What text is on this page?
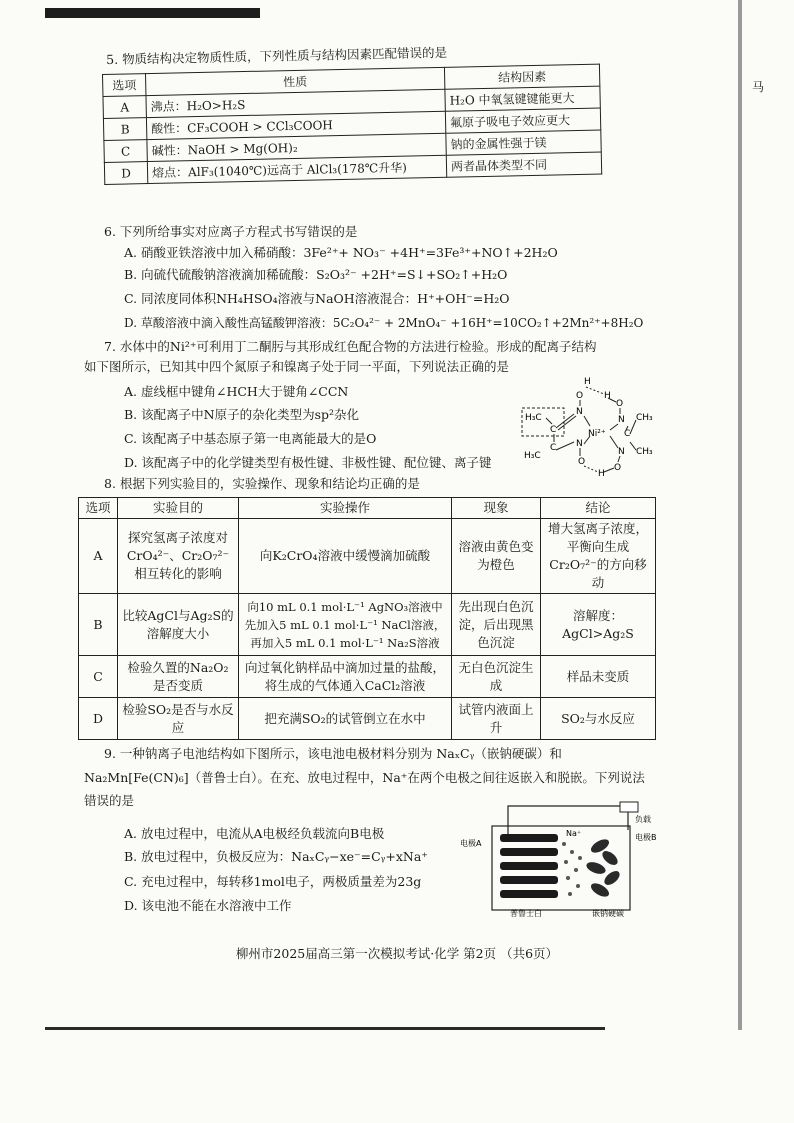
马
5. 物质结构决定物质性质，下列性质与结构因素匹配错误的是
选项	性质	结构因素
A	沸点：H₂O>H₂S	H₂O 中氧氢键键能更大
B	酸性：CF₃COOH > CCl₃COOH	氟原子吸电子效应更大
C	碱性：NaOH > Mg(OH)₂	钠的金属性强于镁
D	熔点：AlF₃(1040℃)远高于 AlCl₃(178℃升华)	两者晶体类型不同
6. 下列所给事实对应离子方程式书写错误的是
A. 硝酸亚铁溶液中加入稀硝酸：3Fe²⁺+ NO₃⁻ +4H⁺=3Fe³⁺+NO↑+2H₂O
B. 向硫代硫酸钠溶液滴加稀硫酸：S₂O₃²⁻ +2H⁺=S↓+SO₂↑+H₂O
C. 同浓度同体积NH₄HSO₄溶液与NaOH溶液混合：H⁺+OH⁻=H₂O
D. 草酸溶液中滴入酸性高锰酸钾溶液：5C₂O₄²⁻ + 2MnO₄⁻ +16H⁺=10CO₂↑+2Mn²⁺+8H₂O
7. 水体中的Ni²⁺可利用丁二酮肟与其形成红色配合物的方法进行检验。形成的配离子结构
如下图所示，已知其中四个氮原子和镍离子处于同一平面，下列说法正确的是
A. 虚线框中键角∠HCH大于键角∠CCN
B. 该配离子中N原子的杂化类型为sp²杂化
C. 该配离子中基态原子第一电离能最大的是O
D. 该配离子中的化学键类型有极性键、非极性键、配位键、离子键
H
O H
O
N
N
H₃C
C	Ni²⁺ C
CH₃
N
N
H₃C
C	CH₃
O
O
H
8. 根据下列实验目的，实验操作、现象和结论均正确的是
选项	实验目的	实验操作	现象	结论
A	探究氢离子浓度对CrO₄²⁻、Cr₂O₇²⁻相互转化的影响	向K₂CrO₄溶液中缓慢滴加硫酸	溶液由黄色变为橙色	增大氢离子浓度，平衡向生成Cr₂O₇²⁻的方向移动
B	比较AgCl与Ag₂S的溶解度大小	向10 mL 0.1 mol·L⁻¹ AgNO₃溶液中先加入5 mL 0.1 mol·L⁻¹ NaCl溶液，再加入5 mL 0.1 mol·L⁻¹ Na₂S溶液	先出现白色沉淀，后出现黑色沉淀	溶解度：AgCl>Ag₂S
C	检验久置的Na₂O₂是否变质	向过氧化钠样品中滴加过量的盐酸，将生成的气体通入CaCl₂溶液	无白色沉淀生成	样品未变质
D	检验SO₂是否与水反应	把充满SO₂的试管倒立在水中	试管内液面上升	SO₂与水反应
9. 一种钠离子电池结构如下图所示，该电池电极材料分别为 NaₓCᵧ（嵌钠硬碳）和
Na₂Mn[Fe(CN)₆]（普鲁士白）。在充、放电过程中，Na⁺在两个电极之间往返嵌入和脱嵌。下列说法
错误的是
A. 放电过程中，电流从A电极经负载流向B电极
B. 放电过程中，负极反应为：NaₓCᵧ−xe⁻=Cᵧ+xNa⁺
C. 充电过程中，每转移1mol电子，两极质量差为23g
D. 该电池不能在水溶液中工作
负载
电极A
电极B
Na⁺
普鲁士白	嵌钠硬碳
柳州市2025届高三第一次模拟考试·化学 第2页 （共6页）
